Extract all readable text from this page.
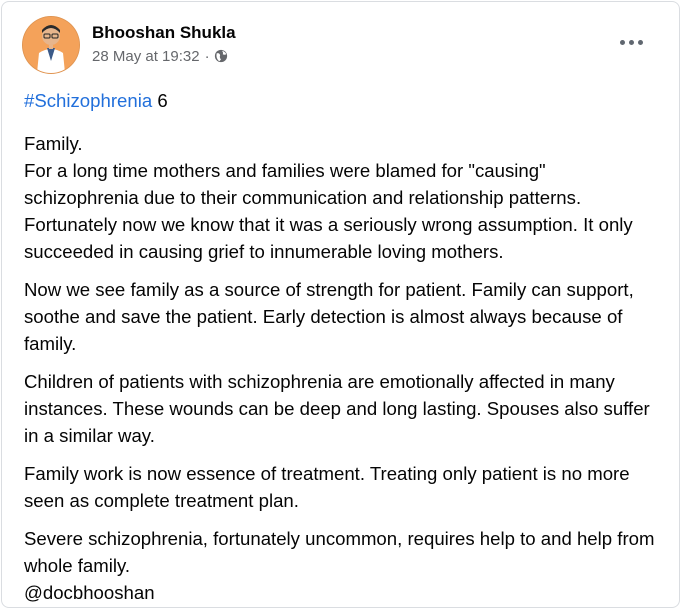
Bhooshan Shukla
28 May at 19:32 ·
#Schizophrenia 6

Family.
For a long time mothers and families were blamed for "causing" schizophrenia due to their communication and relationship patterns. Fortunately now we know that it was a seriously wrong assumption. It only succeeded in causing grief to innumerable loving mothers.

Now we see family as a source of strength for patient. Family can support, soothe and save the patient. Early detection is almost always because of family.

Children of patients with schizophrenia are emotionally affected in many instances. These wounds can be deep and long lasting. Spouses also suffer in a similar way.

Family work is now essence of treatment. Treating only patient is no more seen as complete treatment plan.

Severe schizophrenia, fortunately uncommon, requires help to and help from whole family.

@docbhooshan
